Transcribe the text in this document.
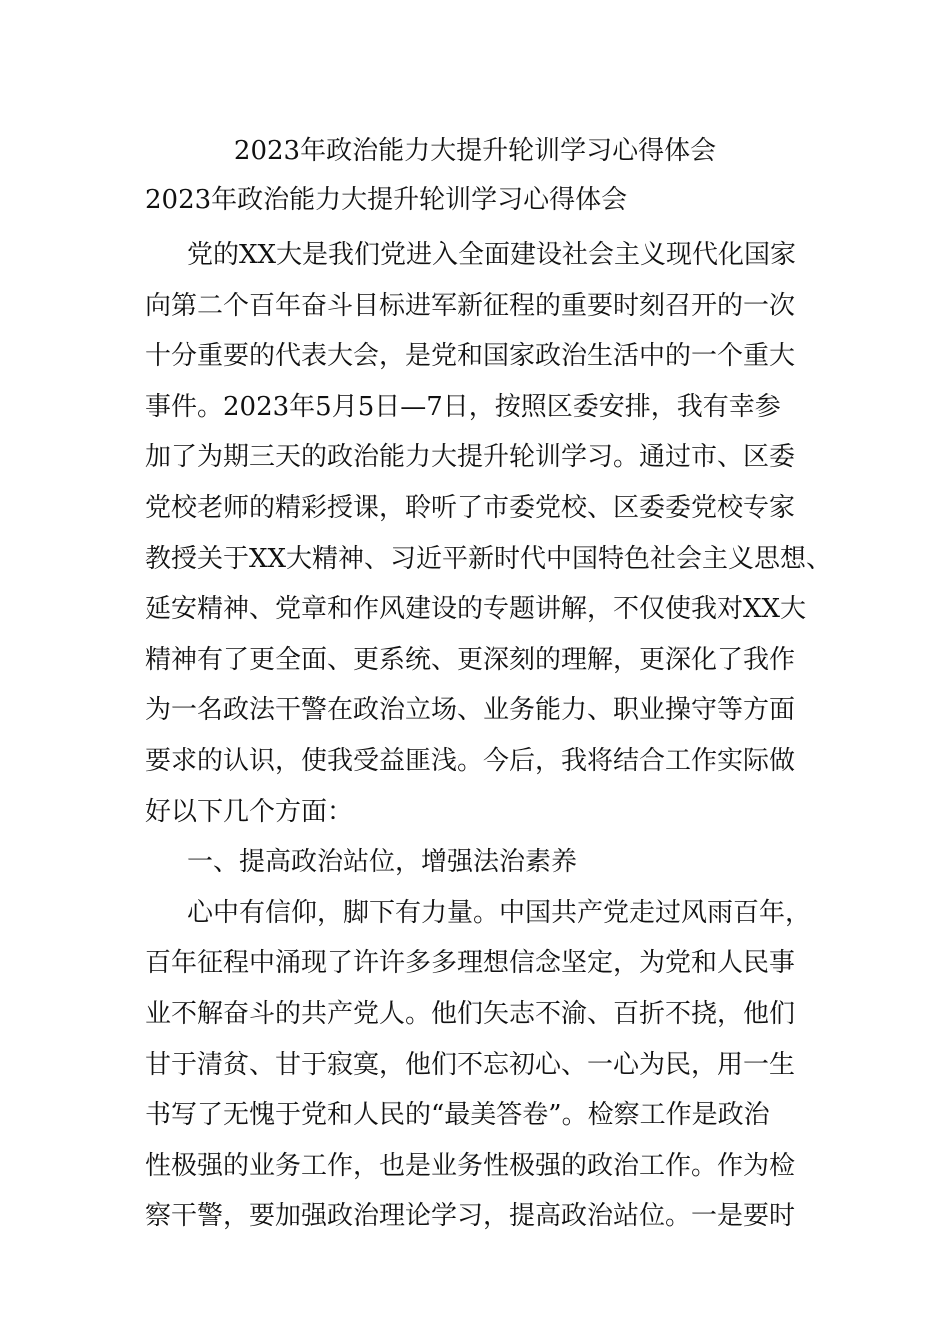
2023年政治能力大提升轮训学习心得体会
2023年政治能力大提升轮训学习心得体会
党的XX大是我们党进入全面建设社会主义现代化国家
向第二个百年奋斗目标进军新征程的重要时刻召开的一次
十分重要的代表大会，是党和国家政治生活中的一个重大
事件。2023年5月5日—7日，按照区委安排，我有幸参
加了为期三天的政治能力大提升轮训学习。通过市、区委
党校老师的精彩授课，聆听了市委党校、区委委党校专家
教授关于XX大精神、习近平新时代中国特色社会主义思想、
延安精神、党章和作风建设的专题讲解，不仅使我对XX大
精神有了更全面、更系统、更深刻的理解，更深化了我作
为一名政法干警在政治立场、业务能力、职业操守等方面
要求的认识，使我受益匪浅。今后，我将结合工作实际做
好以下几个方面：
一、提高政治站位，增强法治素养
心中有信仰，脚下有力量。中国共产党走过风雨百年，
百年征程中涌现了许许多多理想信念坚定，为党和人民事
业不解奋斗的共产党人。他们矢志不渝、百折不挠，他们
甘于清贫、甘于寂寞，他们不忘初心、一心为民，用一生
书写了无愧于党和人民的“最美答卷”。检察工作是政治
性极强的业务工作，也是业务性极强的政治工作。作为检
察干警，要加强政治理论学习，提高政治站位。一是要时
